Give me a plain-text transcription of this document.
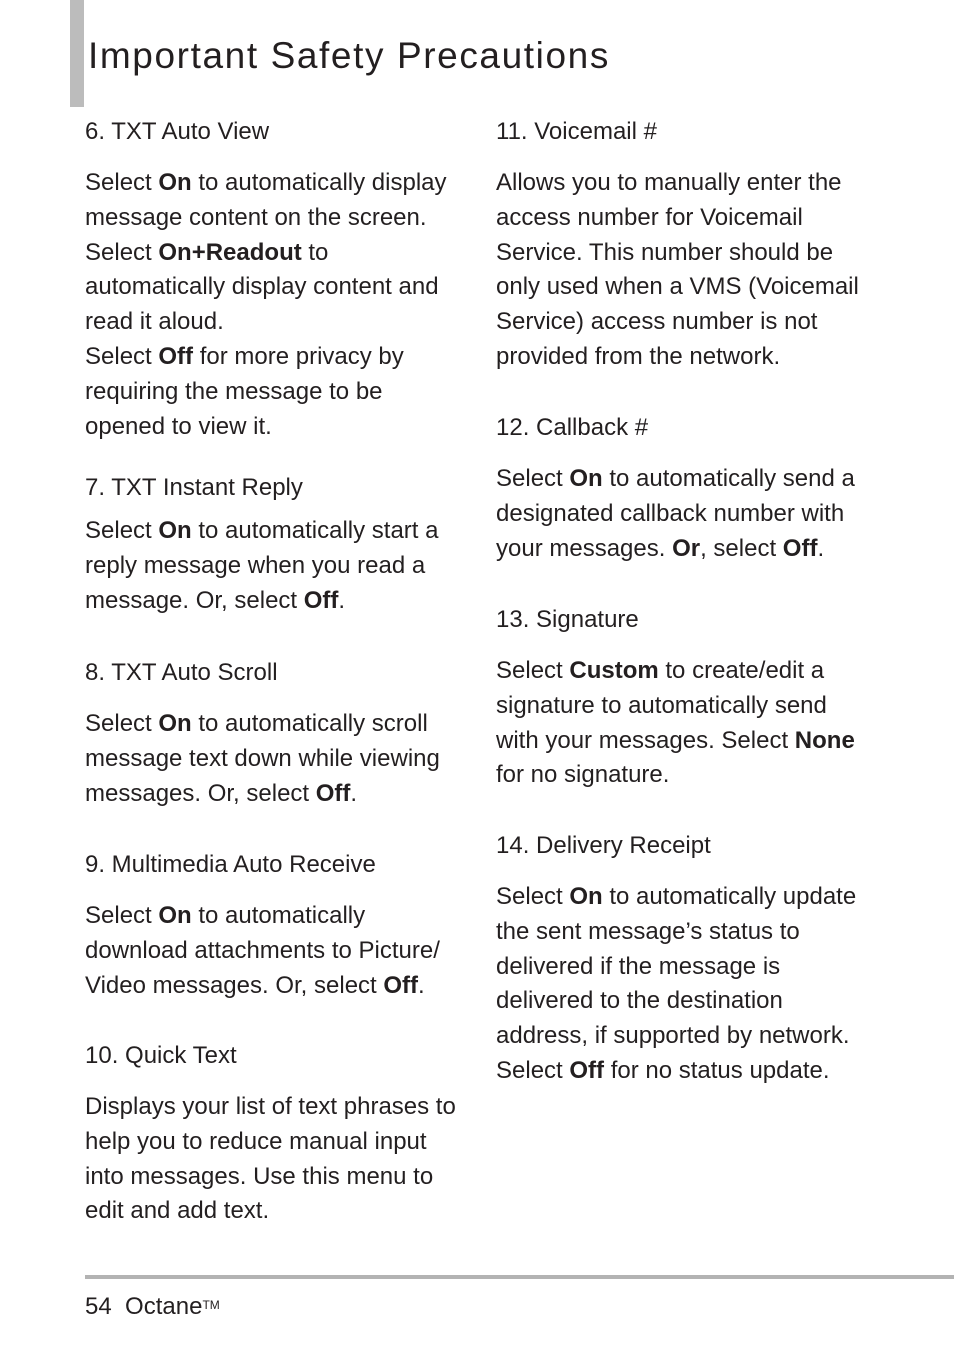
Important Safety Precautions
6. TXT Auto View

Select On to automatically display message content on the screen.

Select On+Readout to automatically display content and read it aloud.

Select Off for more privacy by requiring the message to be opened to view it.

7. TXT Instant Reply

Select On to automatically start a reply message when you read a message. Or, select Off.

8. TXT Auto Scroll

Select On to automatically scroll message text down while viewing messages. Or, select Off.

9. Multimedia Auto Receive

Select On to automatically download attachments to Picture/ Video messages. Or, select Off.

10. Quick Text

Displays your list of text phrases to help you to reduce manual input into messages. Use this menu to edit and add text.

11. Voicemail #

Allows you to manually enter the access number for Voicemail Service. This number should be only used when a VMS (Voicemail Service) access number is not provided from the network.

12. Callback #

Select On to automatically send a designated callback number with your messages. Or, select Off.

13. Signature

Select Custom to create/edit a signature to automatically send with your messages. Select None for no signature.

14. Delivery Receipt

Select On to automatically update the sent message’s status to delivered if the message is delivered to the destination address, if supported by network.

Select Off for no status update.

54 Octane™
